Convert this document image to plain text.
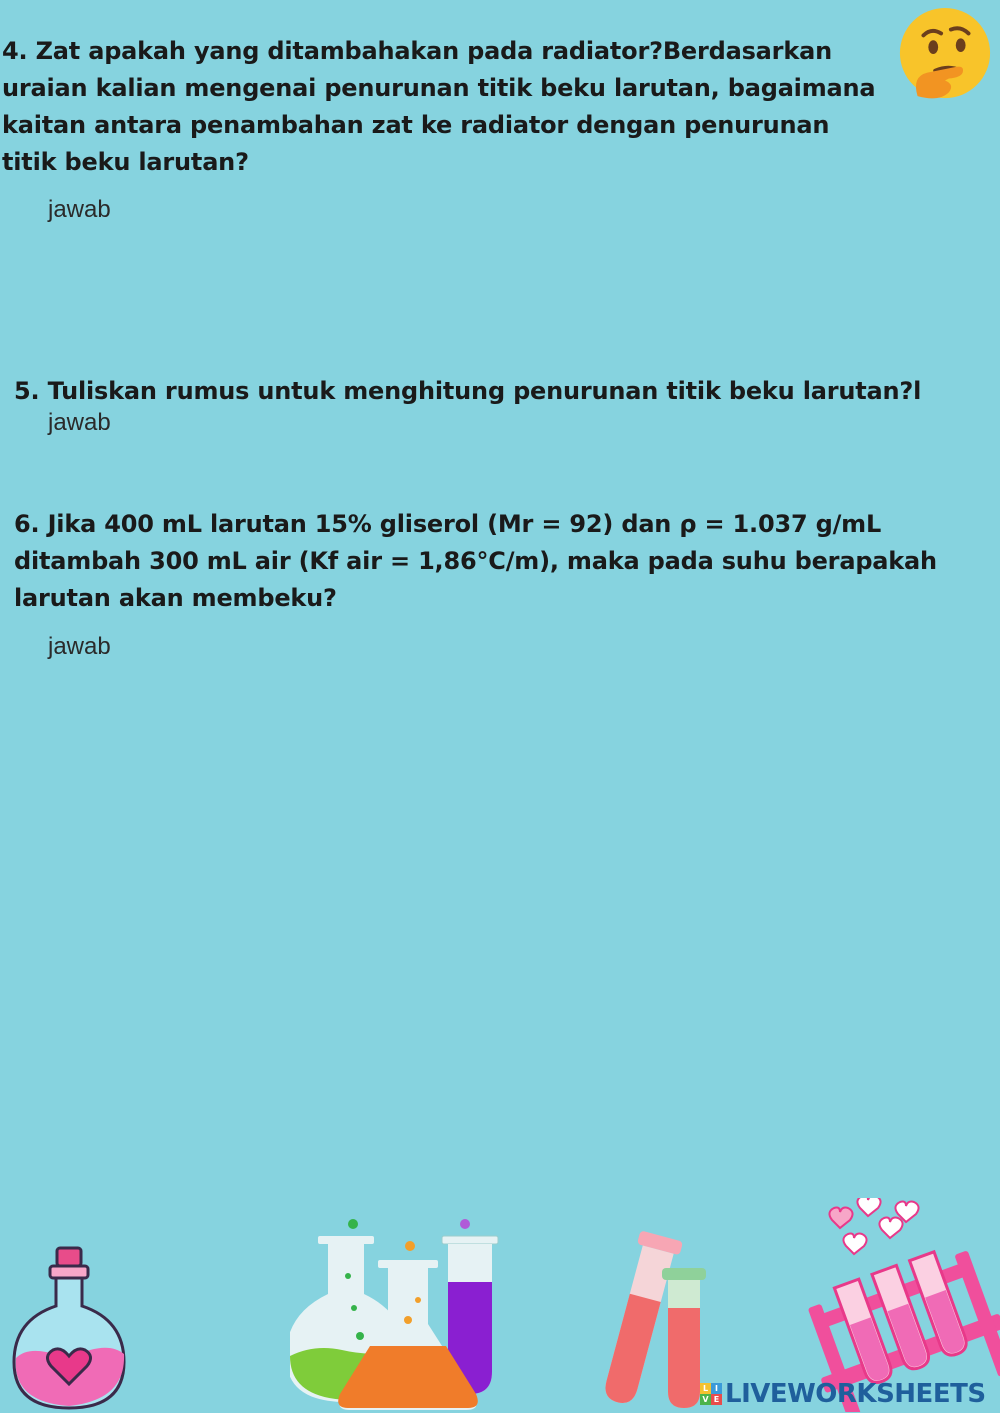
4. Zat apakah yang ditambahakan pada radiator?Berdasarkan
uraian kalian mengenai penurunan titik beku larutan, bagaimana
kaitan antara penambahan zat ke radiator dengan penurunan
titik beku larutan?
jawab
5. Tuliskan rumus untuk menghitung penurunan titik beku larutan?l
jawab
6. Jika 400 mL larutan 15% gliserol (Mr = 92) dan ρ = 1.037 g/mL
ditambah 300 mL air (Kf air = 1,86°C/m), maka pada suhu berapakah
larutan akan membeku?
jawab
L I
V E LIVEWORKSHEETS
